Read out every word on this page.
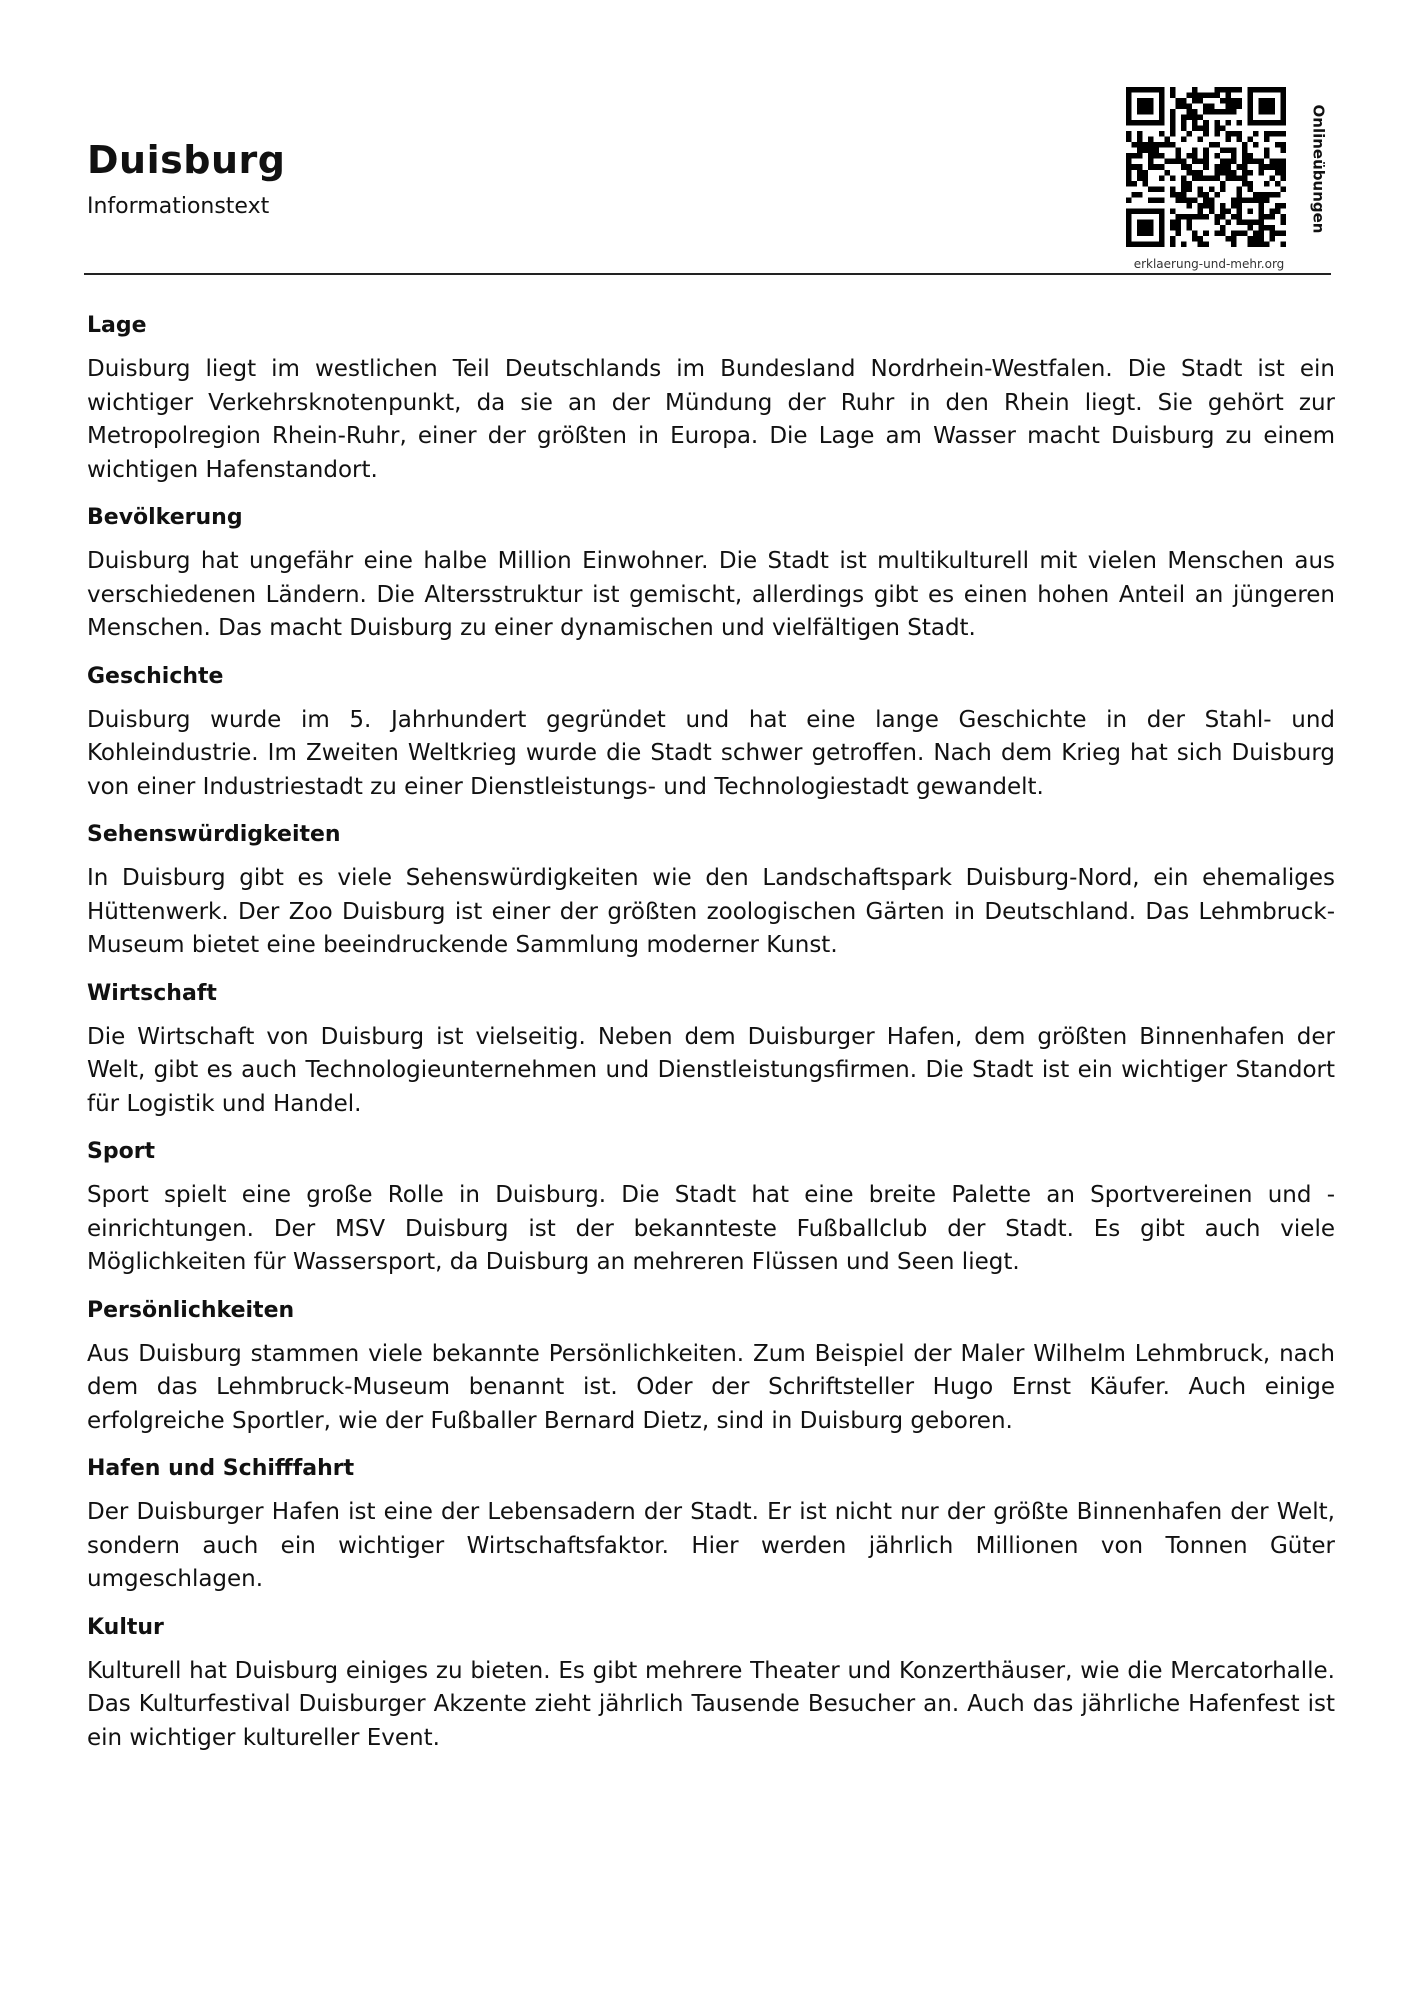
Duisburg
Informationstext
erklaerung-und-mehr.org
Onlineübungen
Lage

Duisburg liegt im westlichen Teil Deutschlands im Bundesland Nordrhein-Westfalen. Die Stadt ist ein wichtiger Verkehrsknotenpunkt, da sie an der Mündung der Ruhr in den Rhein liegt. Sie gehört zur Metropolregion Rhein-Ruhr, einer der größten in Europa. Die Lage am Wasser macht Duisburg zu einem wichtigen Hafenstandort.

Bevölkerung

Duisburg hat ungefähr eine halbe Million Einwohner. Die Stadt ist multikulturell mit vielen Menschen aus verschiedenen Ländern. Die Altersstruktur ist gemischt, allerdings gibt es einen hohen Anteil an jüngeren Menschen. Das macht Duisburg zu einer dynamischen und vielfältigen Stadt.

Geschichte

Duisburg wurde im 5. Jahrhundert gegründet und hat eine lange Geschichte in der Stahl- und Kohleindustrie. Im Zweiten Weltkrieg wurde die Stadt schwer getroffen. Nach dem Krieg hat sich Duisburg von einer Industriestadt zu einer Dienstleistungs- und Technologiestadt gewandelt.

Sehenswürdigkeiten

In Duisburg gibt es viele Sehenswürdigkeiten wie den Landschaftspark Duisburg-Nord, ein ehemaliges Hüttenwerk. Der Zoo Duisburg ist einer der größten zoologischen Gärten in Deutschland. Das Lehmbruck-Museum bietet eine beeindruckende Sammlung moderner Kunst.

Wirtschaft

Die Wirtschaft von Duisburg ist vielseitig. Neben dem Duisburger Hafen, dem größten Binnenhafen der Welt, gibt es auch Technologieunternehmen und Dienstleistungsfirmen. Die Stadt ist ein wichtiger Standort für Logistik und Handel.

Sport

Sport spielt eine große Rolle in Duisburg. Die Stadt hat eine breite Palette an Sportvereinen und -einrichtungen. Der MSV Duisburg ist der bekannteste Fußballclub der Stadt. Es gibt auch viele Möglichkeiten für Wassersport, da Duisburg an mehreren Flüssen und Seen liegt.

Persönlichkeiten

Aus Duisburg stammen viele bekannte Persönlichkeiten. Zum Beispiel der Maler Wilhelm Lehmbruck, nach dem das Lehmbruck-Museum benannt ist. Oder der Schriftsteller Hugo Ernst Käufer. Auch einige erfolgreiche Sportler, wie der Fußballer Bernard Dietz, sind in Duisburg geboren.

Hafen und Schifffahrt

Der Duisburger Hafen ist eine der Lebensadern der Stadt. Er ist nicht nur der größte Binnenhafen der Welt, sondern auch ein wichtiger Wirtschaftsfaktor. Hier werden jährlich Millionen von Tonnen Güter umgeschlagen.

Kultur

Kulturell hat Duisburg einiges zu bieten. Es gibt mehrere Theater und Konzerthäuser, wie die Mercatorhalle. Das Kulturfestival Duisburger Akzente zieht jährlich Tausende Besucher an. Auch das jährliche Hafenfest ist ein wichtiger kultureller Event.
